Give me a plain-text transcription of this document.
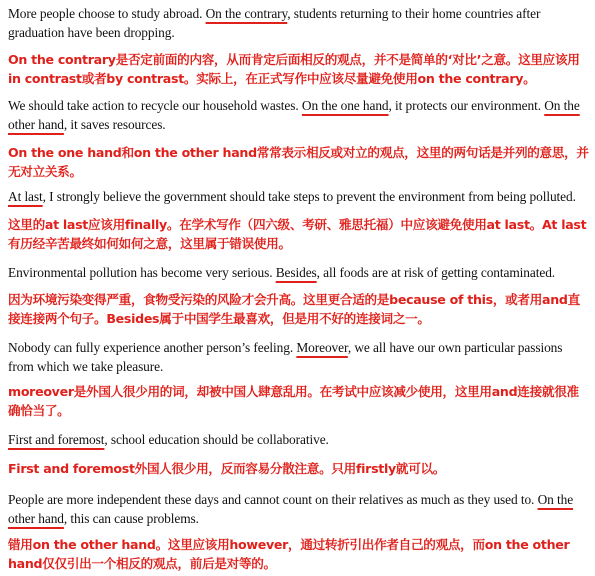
More people choose to study abroad. On the contrary, students returning to their home countries after graduation have been dropping.

On the contrary是否定前面的内容，从而肯定后面相反的观点，并不是简单的‘对比’之意。这里应该用in contrast或者by contrast。实际上，在正式写作中应该尽量避免使用on the contrary。

We should take action to recycle our household wastes. On the one hand, it protects our environment. On the other hand, it saves resources.

On the one hand和on the other hand常常表示相反或对立的观点，这里的两句话是并列的意思，并无对立关系。

At last, I strongly believe the government should take steps to prevent the environment from being polluted.

这里的at last应该用finally。在学术写作（四六级、考研、雅思托福）中应该避免使用at last。At last有历经辛苦最终如何如何之意，这里属于错误使用。

Environmental pollution has become very serious. Besides, all foods are at risk of getting contaminated.

因为环境污染变得严重，食物受污染的风险才会升高。这里更合适的是because of this，或者用and直接连接两个句子。Besides属于中国学生最喜欢，但是用不好的连接词之一。

Nobody can fully experience another person’s feeling. Moreover, we all have our own particular passions from which we take pleasure.

moreover是外国人很少用的词，却被中国人肆意乱用。在考试中应该减少使用，这里用and连接就很准确恰当了。

First and foremost, school education should be collaborative.

First and foremost外国人很少用，反而容易分散注意。只用firstly就可以。

People are more independent these days and cannot count on their relatives as much as they used to. On the other hand, this can cause problems.

错用on the other hand。这里应该用however，通过转折引出作者自己的观点，而on the other hand仅仅引出一个相反的观点，前后是对等的。
